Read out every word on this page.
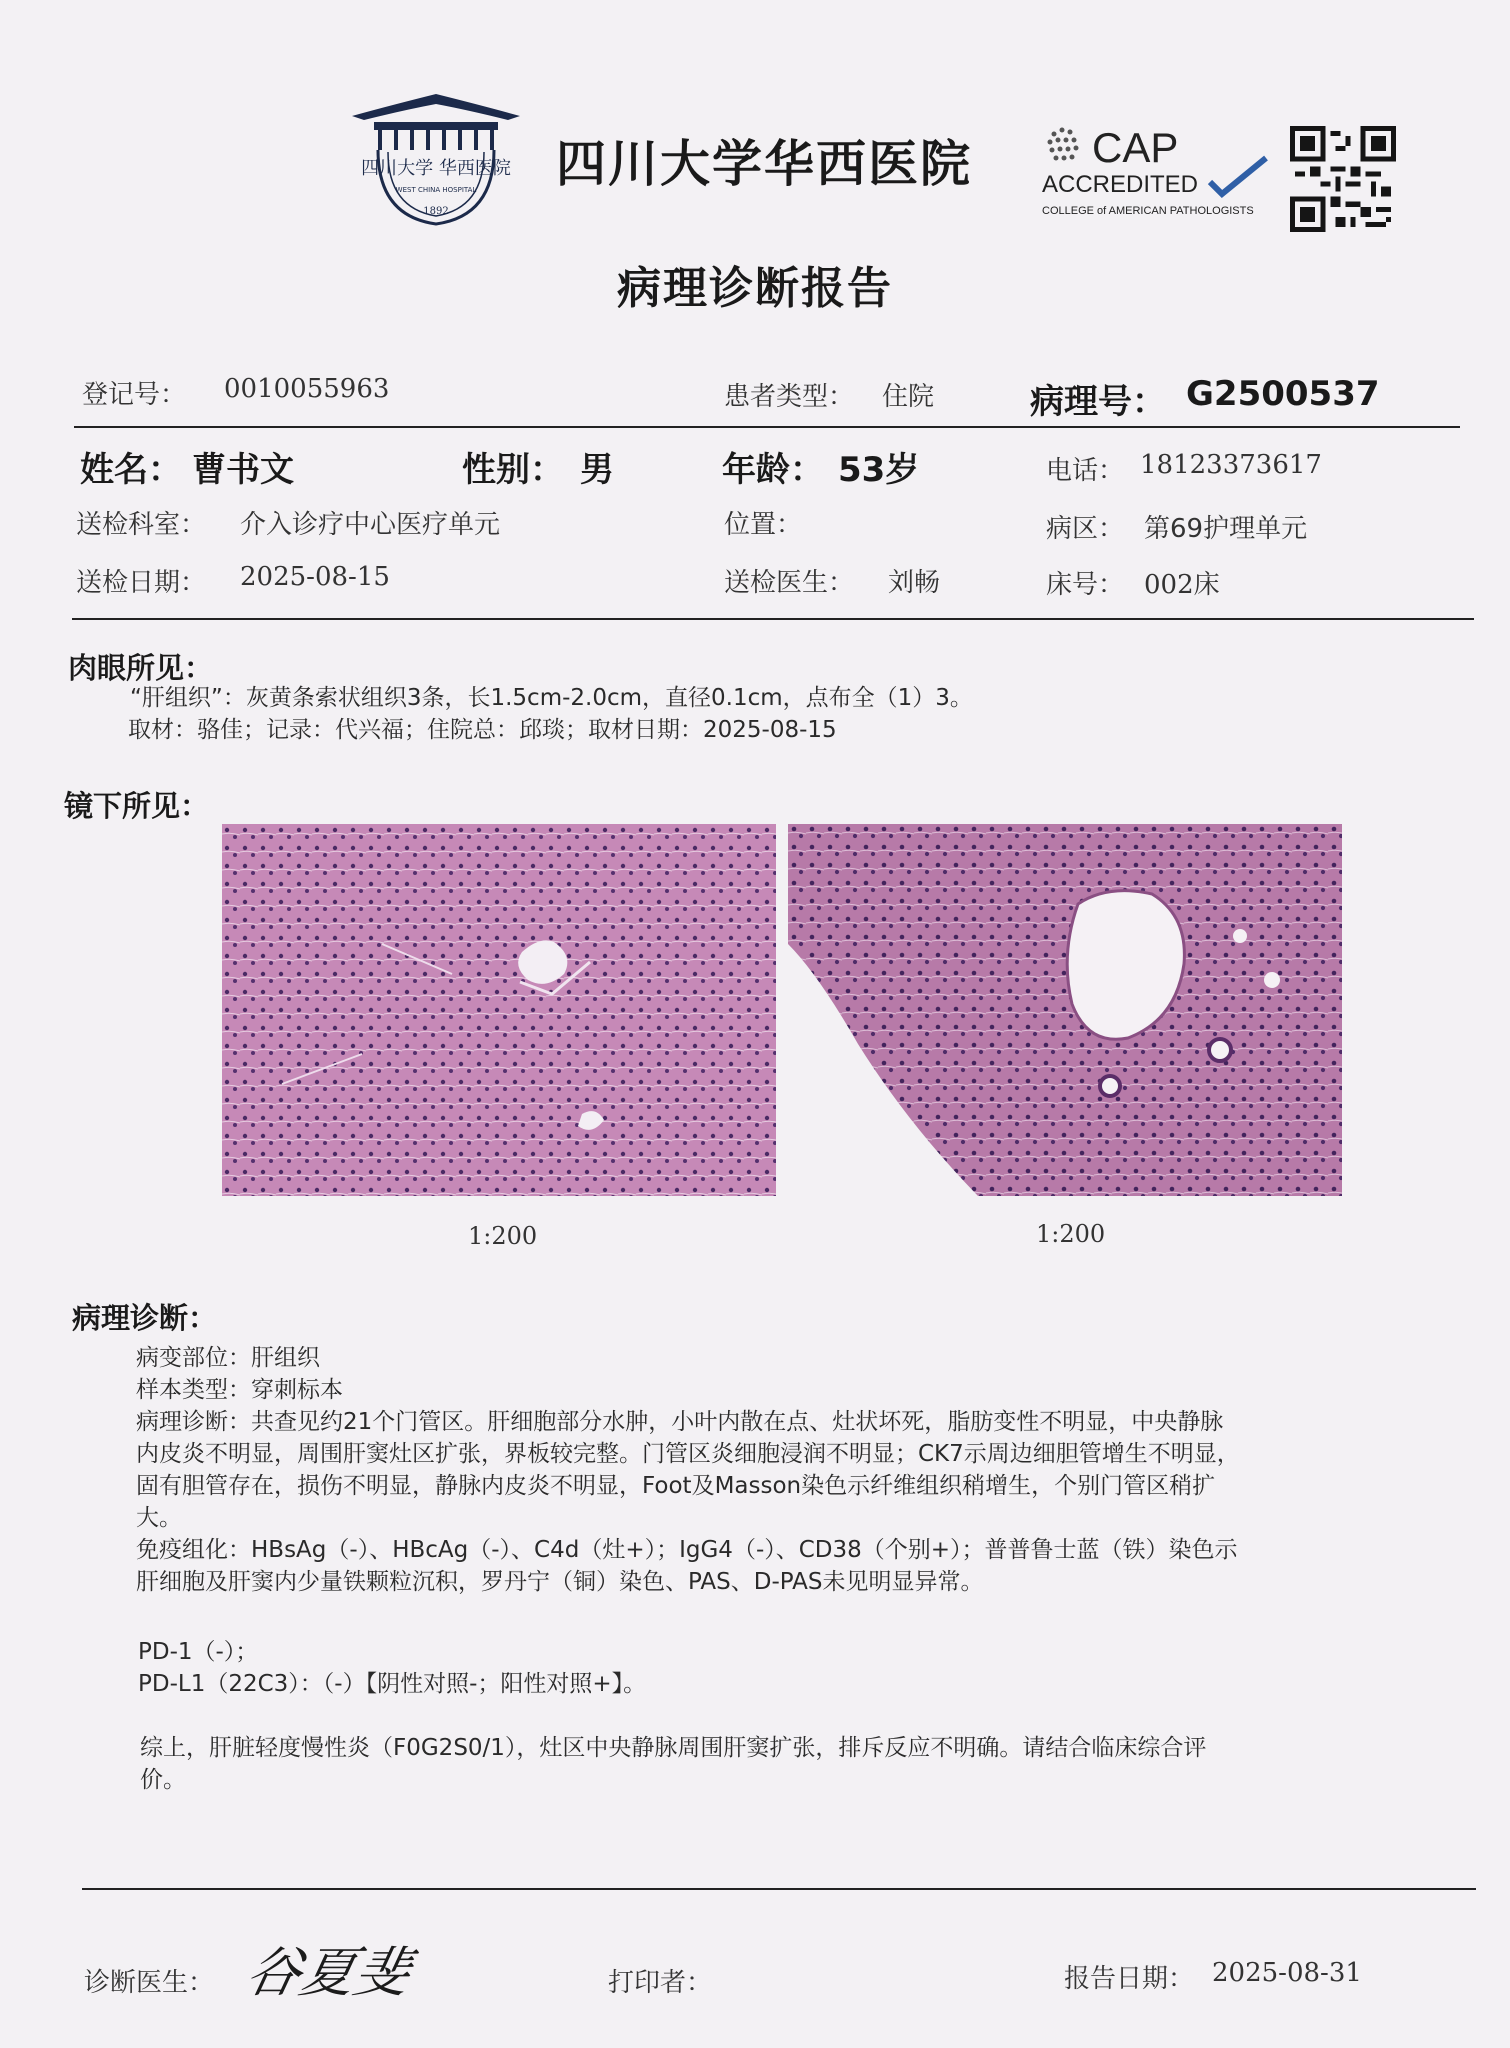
四川大学 华西医院
WEST CHINA HOSPITAL
1892
四川大学华西医院	CAP
ACCREDITED
COLLEGE of AMERICAN PATHOLOGISTS
病理诊断报告
登记号： 0010055963	患者类型： 住院	病理号： G2500537
姓名： 曹书文	性别： 男	年龄： 53岁	电话： 18123373617
送检科室： 介入诊疗中心医疗单元	位置：	病区： 第69护理单元
送检日期： 2025-08-15	送检医生： 刘畅	床号： 002床
肉眼所见：
“肝组织”：灰黄条索状组织3条，长1.5cm-2.0cm，直径0.1cm，点布全（1）3。
取材：骆佳；记录：代兴福；住院总：邱琰；取材日期：2025-08-15
镜下所见：
1:200	1:200
病理诊断：
病变部位：肝组织
样本类型：穿刺标本
病理诊断：共查见约21个门管区。肝细胞部分水肿，小叶内散在点、灶状坏死，脂肪变性不明显，中央静脉
内皮炎不明显，周围肝窦灶区扩张，界板较完整。门管区炎细胞浸润不明显；CK7示周边细胆管增生不明显，
固有胆管存在，损伤不明显，静脉内皮炎不明显，Foot及Masson染色示纤维组织稍增生，个别门管区稍扩
大。
免疫组化：HBsAg（-）、HBcAg（-）、C4d（灶+）；IgG4（-）、CD38（个别+）；普普鲁士蓝（铁）染色示
肝细胞及肝窦内少量铁颗粒沉积，罗丹宁（铜）染色、PAS、D-PAS未见明显异常。
PD-1（-）；
PD-L1（22C3）：（-）【阴性对照-；阳性对照+】。
综上，肝脏轻度慢性炎（F0G2S0/1），灶区中央静脉周围肝窦扩张，排斥反应不明确。请结合临床综合评
价。
诊断医生： 谷夏斐	打印者：	报告日期： 2025-08-31
